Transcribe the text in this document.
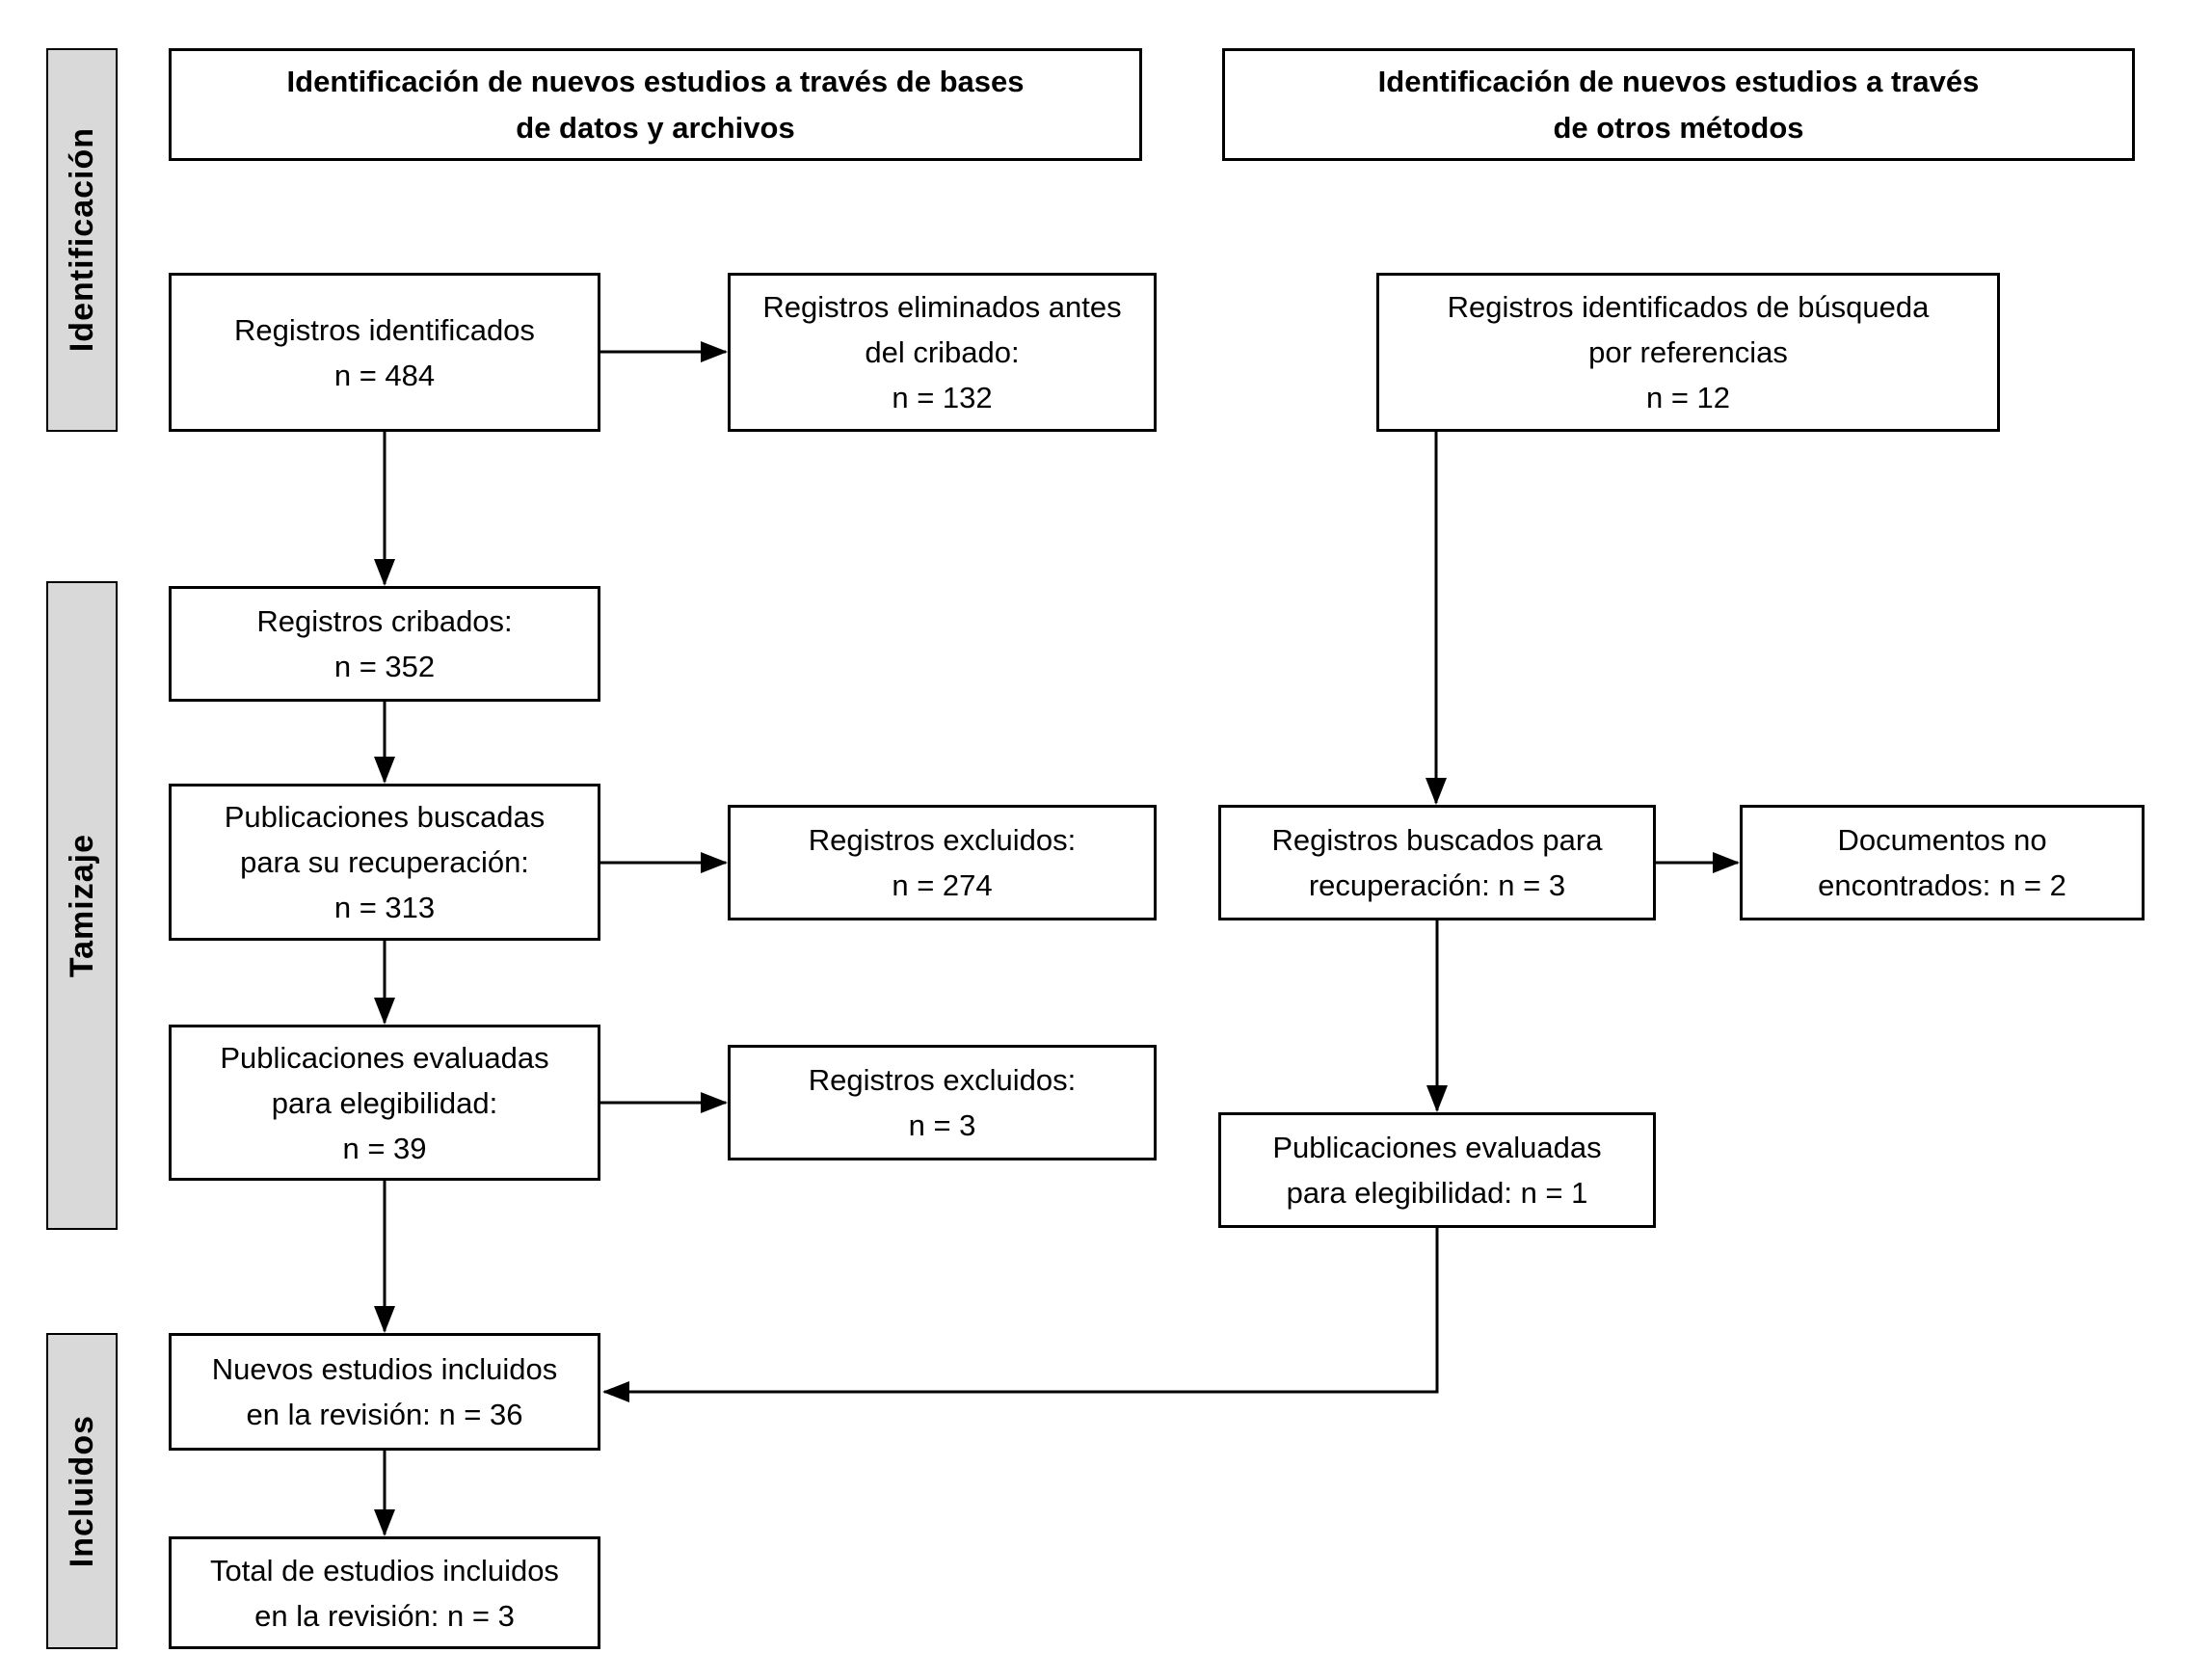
Identificación
Tamizaje
Incluidos
Identificación de nuevos estudios a través de bases
de datos y archivos
Identificación de nuevos estudios a través
de otros métodos
Registros identificados
n = 484
Registros eliminados antes
del cribado:
n = 132
Registros identificados de búsqueda
por referencias
n = 12
Registros cribados:
n = 352
Publicaciones buscadas
para su recuperación:
n = 313
Registros excluidos:
n = 274
Registros buscados para
recuperación: n = 3
Documentos no
encontrados: n = 2
Publicaciones evaluadas
para elegibilidad:
n = 39
Registros excluidos:
n = 3
Publicaciones evaluadas
para elegibilidad: n = 1
Nuevos estudios incluidos
en la revisión: n = 36
Total de estudios incluidos
en la revisión: n = 3
